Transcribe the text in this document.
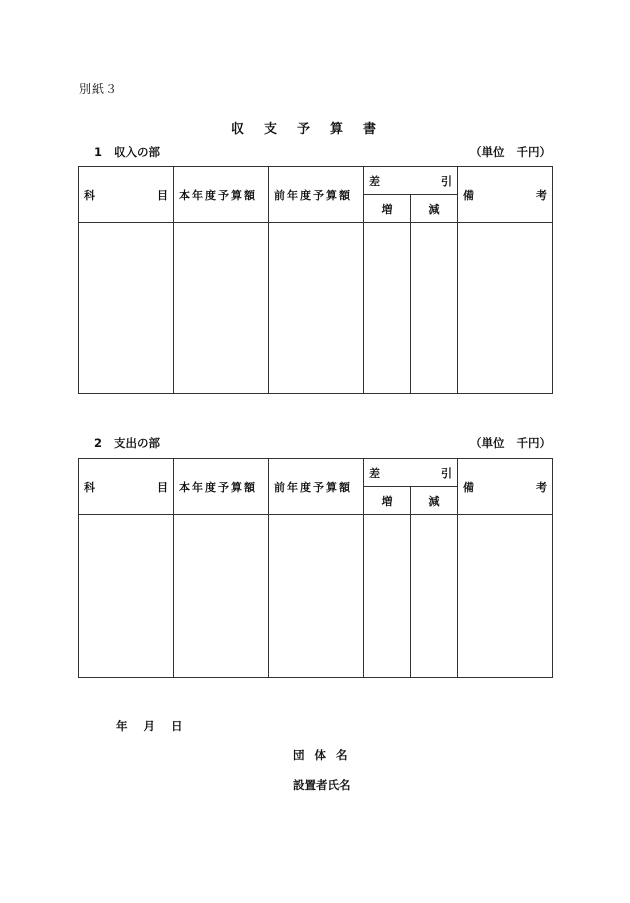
別紙３
収支予算書
1 収入の部	（単位 千円）
科 目	本年度予算額	前年度予算額	差 引		備 考

			増	減	

2 支出の部	（単位 千円）
科 目	本年度予算額	前年度予算額	差 引		備 考

			増	減	

年 月 日
団体名
設置者氏名
